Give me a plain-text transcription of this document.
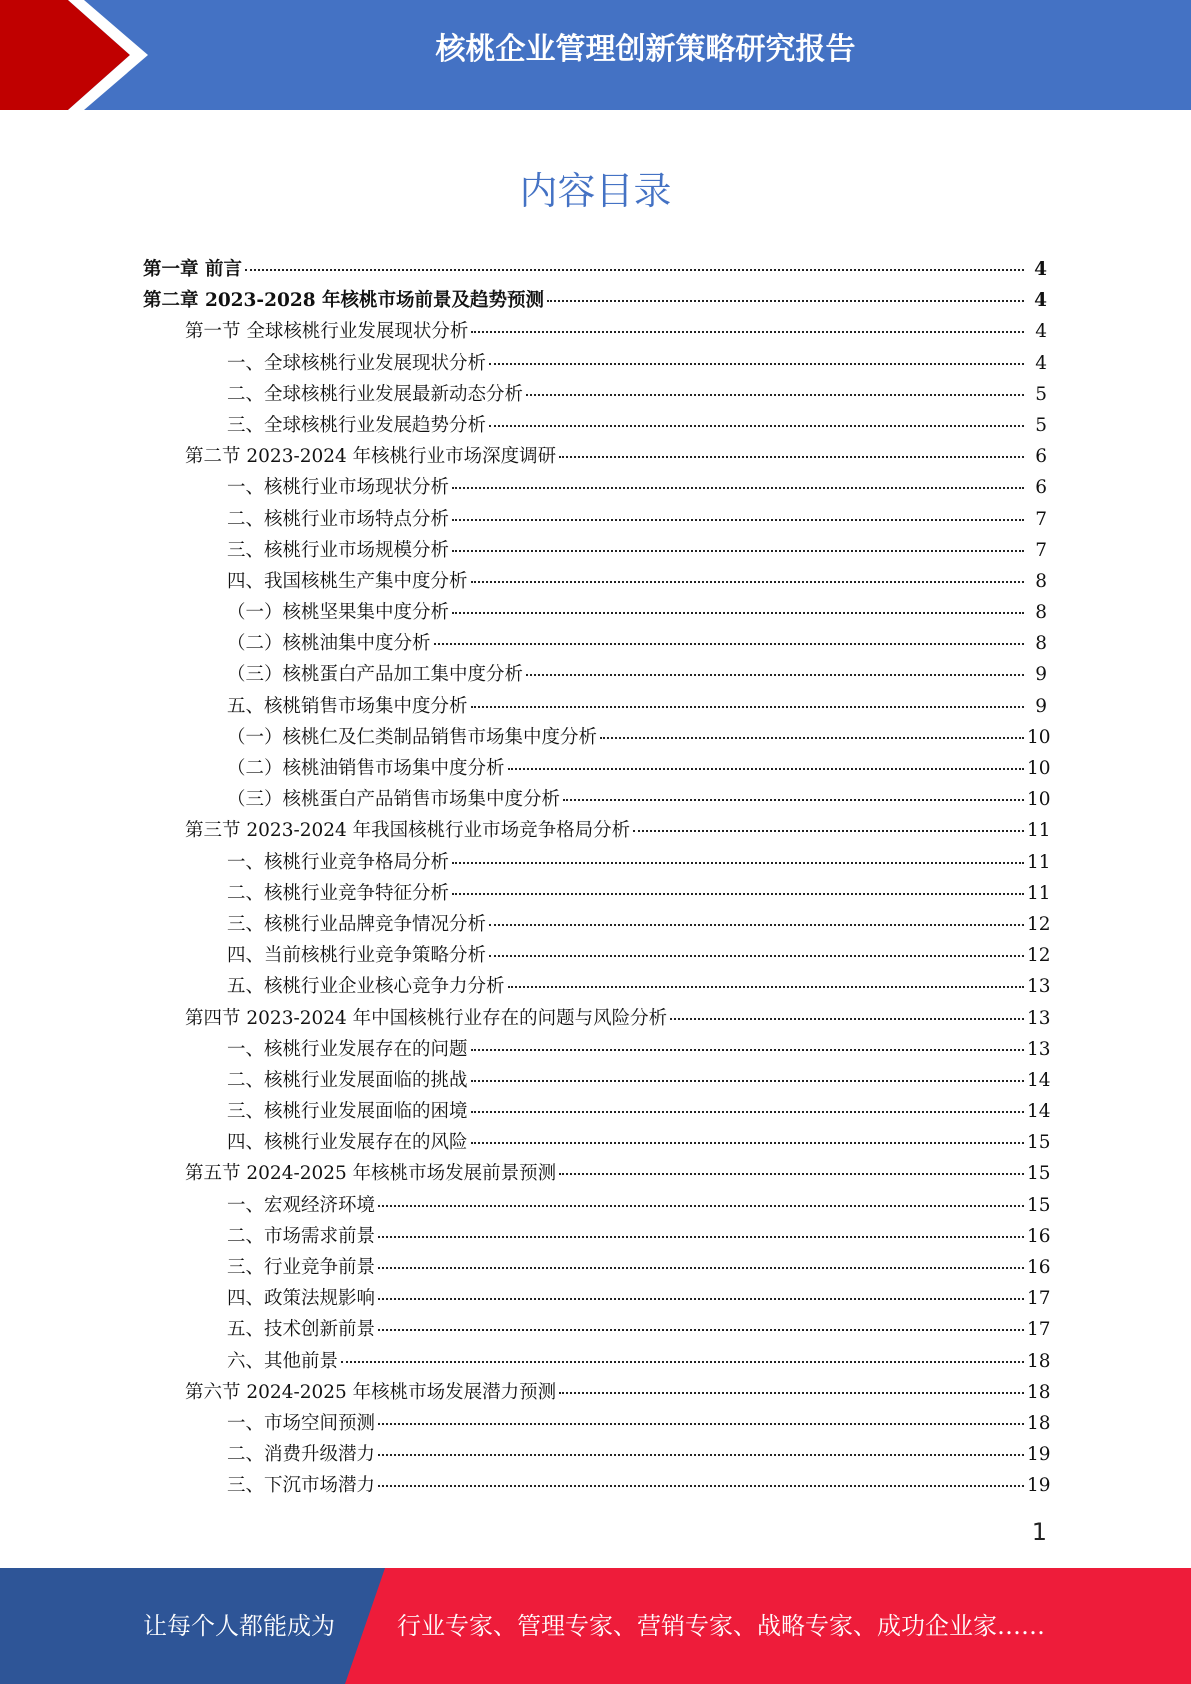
核桃企业管理创新策略研究报告
内容目录
第一章 前言	4
第二章 2023-2028 年核桃市场前景及趋势预测	4
第一节 全球核桃行业发展现状分析	4
一、全球核桃行业发展现状分析	4
二、全球核桃行业发展最新动态分析	5
三、全球核桃行业发展趋势分析	5
第二节 2023-2024 年核桃行业市场深度调研	6
一、核桃行业市场现状分析	6
二、核桃行业市场特点分析	7
三、核桃行业市场规模分析	7
四、我国核桃生产集中度分析	8
（一）核桃坚果集中度分析	8
（二）核桃油集中度分析	8
（三）核桃蛋白产品加工集中度分析	9
五、核桃销售市场集中度分析	9
（一）核桃仁及仁类制品销售市场集中度分析	10
（二）核桃油销售市场集中度分析	10
（三）核桃蛋白产品销售市场集中度分析	10
第三节 2023-2024 年我国核桃行业市场竞争格局分析	11
一、核桃行业竞争格局分析	11
二、核桃行业竞争特征分析	11
三、核桃行业品牌竞争情况分析	12
四、当前核桃行业竞争策略分析	12
五、核桃行业企业核心竞争力分析	13
第四节 2023-2024 年中国核桃行业存在的问题与风险分析	13
一、核桃行业发展存在的问题	13
二、核桃行业发展面临的挑战	14
三、核桃行业发展面临的困境	14
四、核桃行业发展存在的风险	15
第五节 2024-2025 年核桃市场发展前景预测	15
一、宏观经济环境	15
二、市场需求前景	16
三、行业竞争前景	16
四、政策法规影响	17
五、技术创新前景	17
六、其他前景	18
第六节 2024-2025 年核桃市场发展潜力预测	18
一、市场空间预测	18
二、消费升级潜力	19
三、下沉市场潜力	19
1
让每个人都能成为	行业专家、管理专家、营销专家、战略专家、成功企业家……
